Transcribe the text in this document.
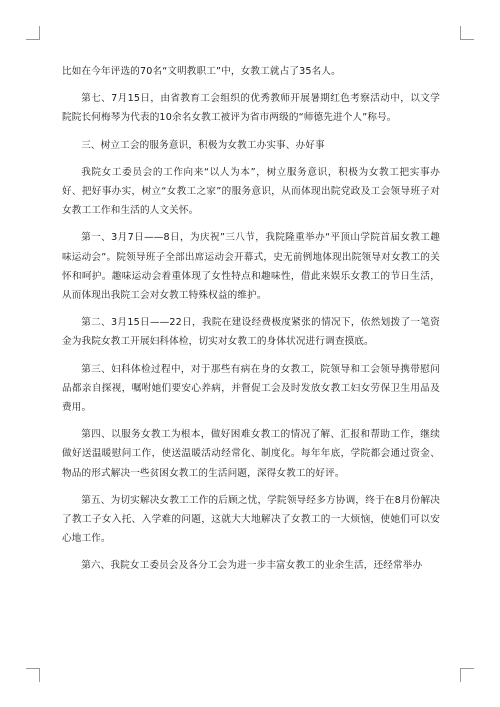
比如在今年评选的70名“文明教职工”中，女教工就占了35名人。

第七、7月15日，由省教育工会组织的优秀教师开展暑期红色考察活动中，以文学院院长何梅琴为代表的10余名女教工被评为省市两级的“师德先进个人”称号。

三、树立工会的服务意识，积极为女教工办实事、办好事

我院女工委员会的工作向来“以人为本”，树立服务意识，积极为女教工把实事办好、把好事办实，树立“女教工之家”的服务意识，从而体现出院党政及工会领导班子对女教工工作和生活的人文关怀。

第一、3月7日——8日，为庆祝”三八节，我院隆重举办“平顶山学院首届女教工趣味运动会”。院领导班子全部出席运动会开幕式，史无前例地体现出院领导对女教工的关怀和呵护。趣味运动会着重体现了女性特点和趣味性，借此来娱乐女教工的节日生活，从而体现出我院工会对女教工特殊权益的维护。

第二、3月15日——22日，我院在建设经费极度紧张的情况下，依然划拨了一笔资金为我院女教工开展妇科体检，切实对女教工的身体状况进行调查摸底。

第三、妇科体检过程中，对于那些有病在身的女教工，院领导和工会领导携带慰问品都亲自探视，嘱咐她们要安心养病，并督促工会及时发放女教工妇女劳保卫生用品及费用。

第四、以服务女教工为根本，做好困难女教工的情况了解、汇报和帮助工作，继续做好送温暖慰问工作，使送温暖活动经常化、制度化。每年年底，学院都会通过资金、物品的形式解决一些贫困女教工的生活问题，深得女教工的好评。

第五、为切实解决女教工工作的后顾之忧，学院领导经多方协调，终于在8月份解决了教工子女入托、入学难的问题，这就大大地解决了女教工的一大烦恼，使她们可以安心地工作。

第六、我院女工委员会及各分工会为进一步丰富女教工的业余生活，还经常举办
